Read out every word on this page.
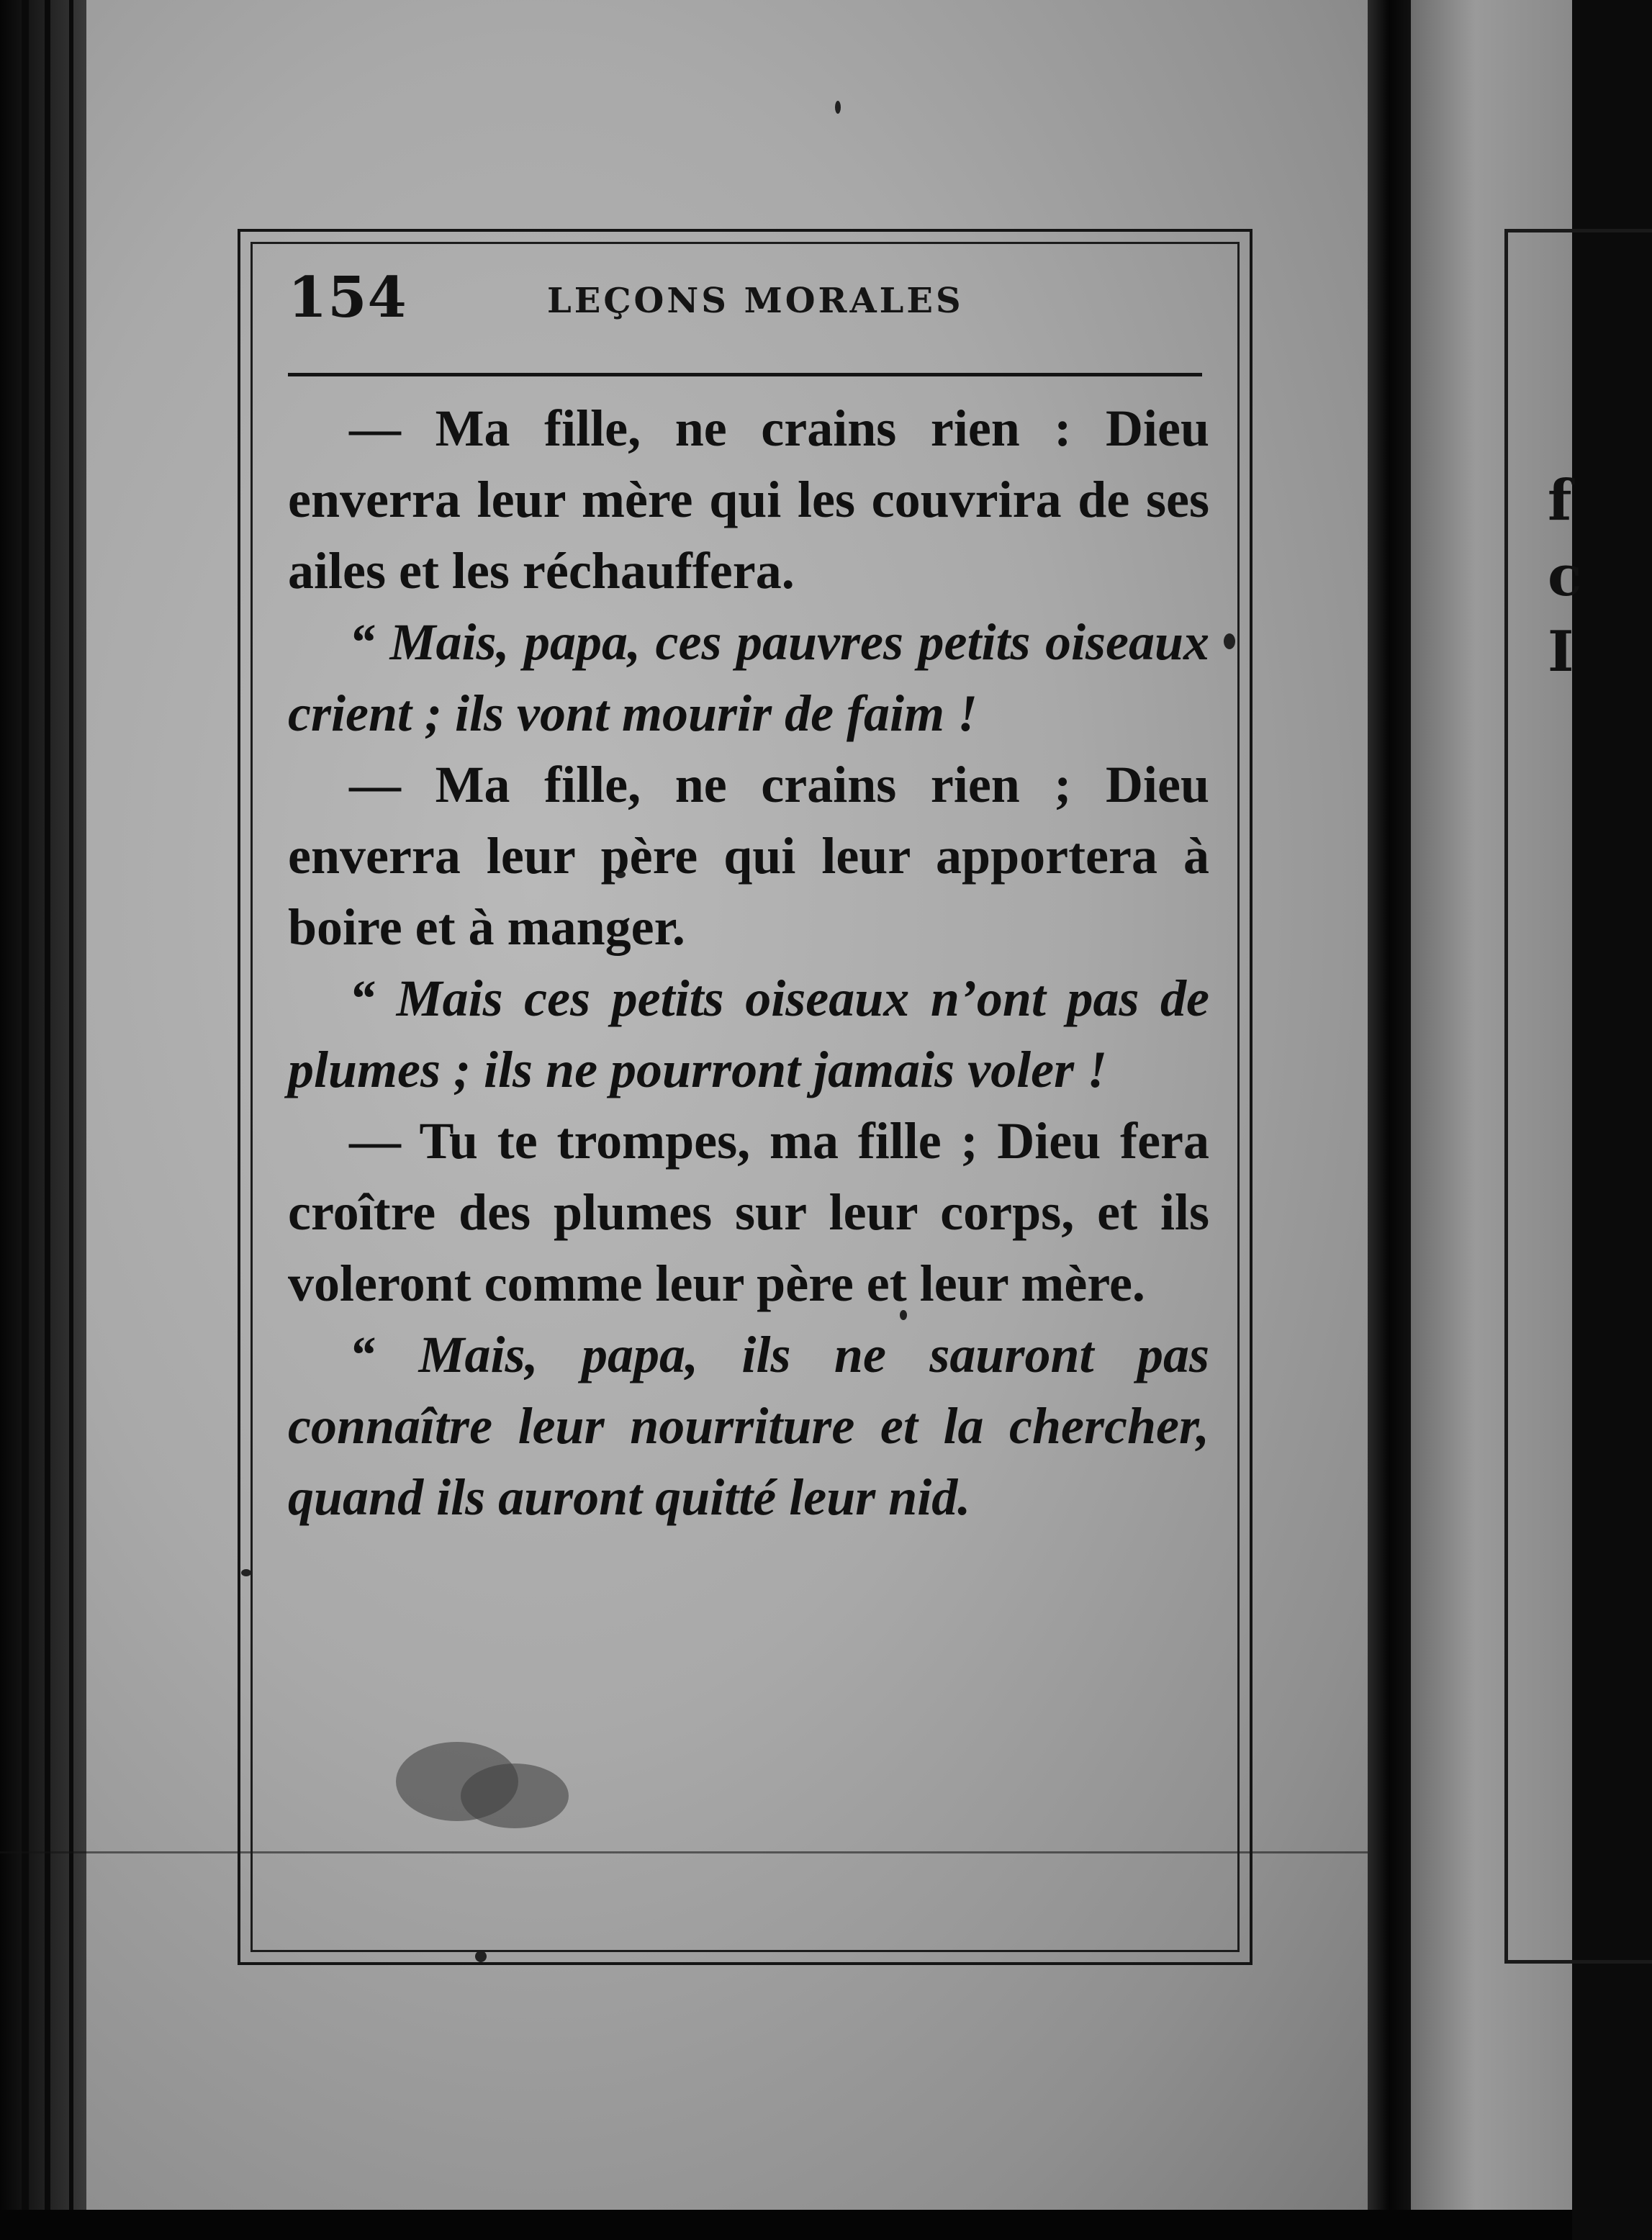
f
c
I
154	LEÇONS MORALES

— Ma fille, ne crains rien : Dieu enverra leur mère qui les couvrira de ses ailes et les réchauffera.

“ Mais, papa, ces pauvres petits oiseaux crient ; ils vont mourir de faim !

— Ma fille, ne crains rien ; Dieu enverra leur père qui leur apportera à boire et à manger.

“ Mais ces petits oiseaux n’ont pas de plumes ; ils ne pourront jamais voler !

— Tu te trompes, ma fille ; Dieu fera croître des plumes sur leur corps, et ils voleront comme leur père et leur mère.

“ Mais, papa, ils ne sauront pas connaître leur nourriture et la chercher, quand ils auront quitté leur nid.
